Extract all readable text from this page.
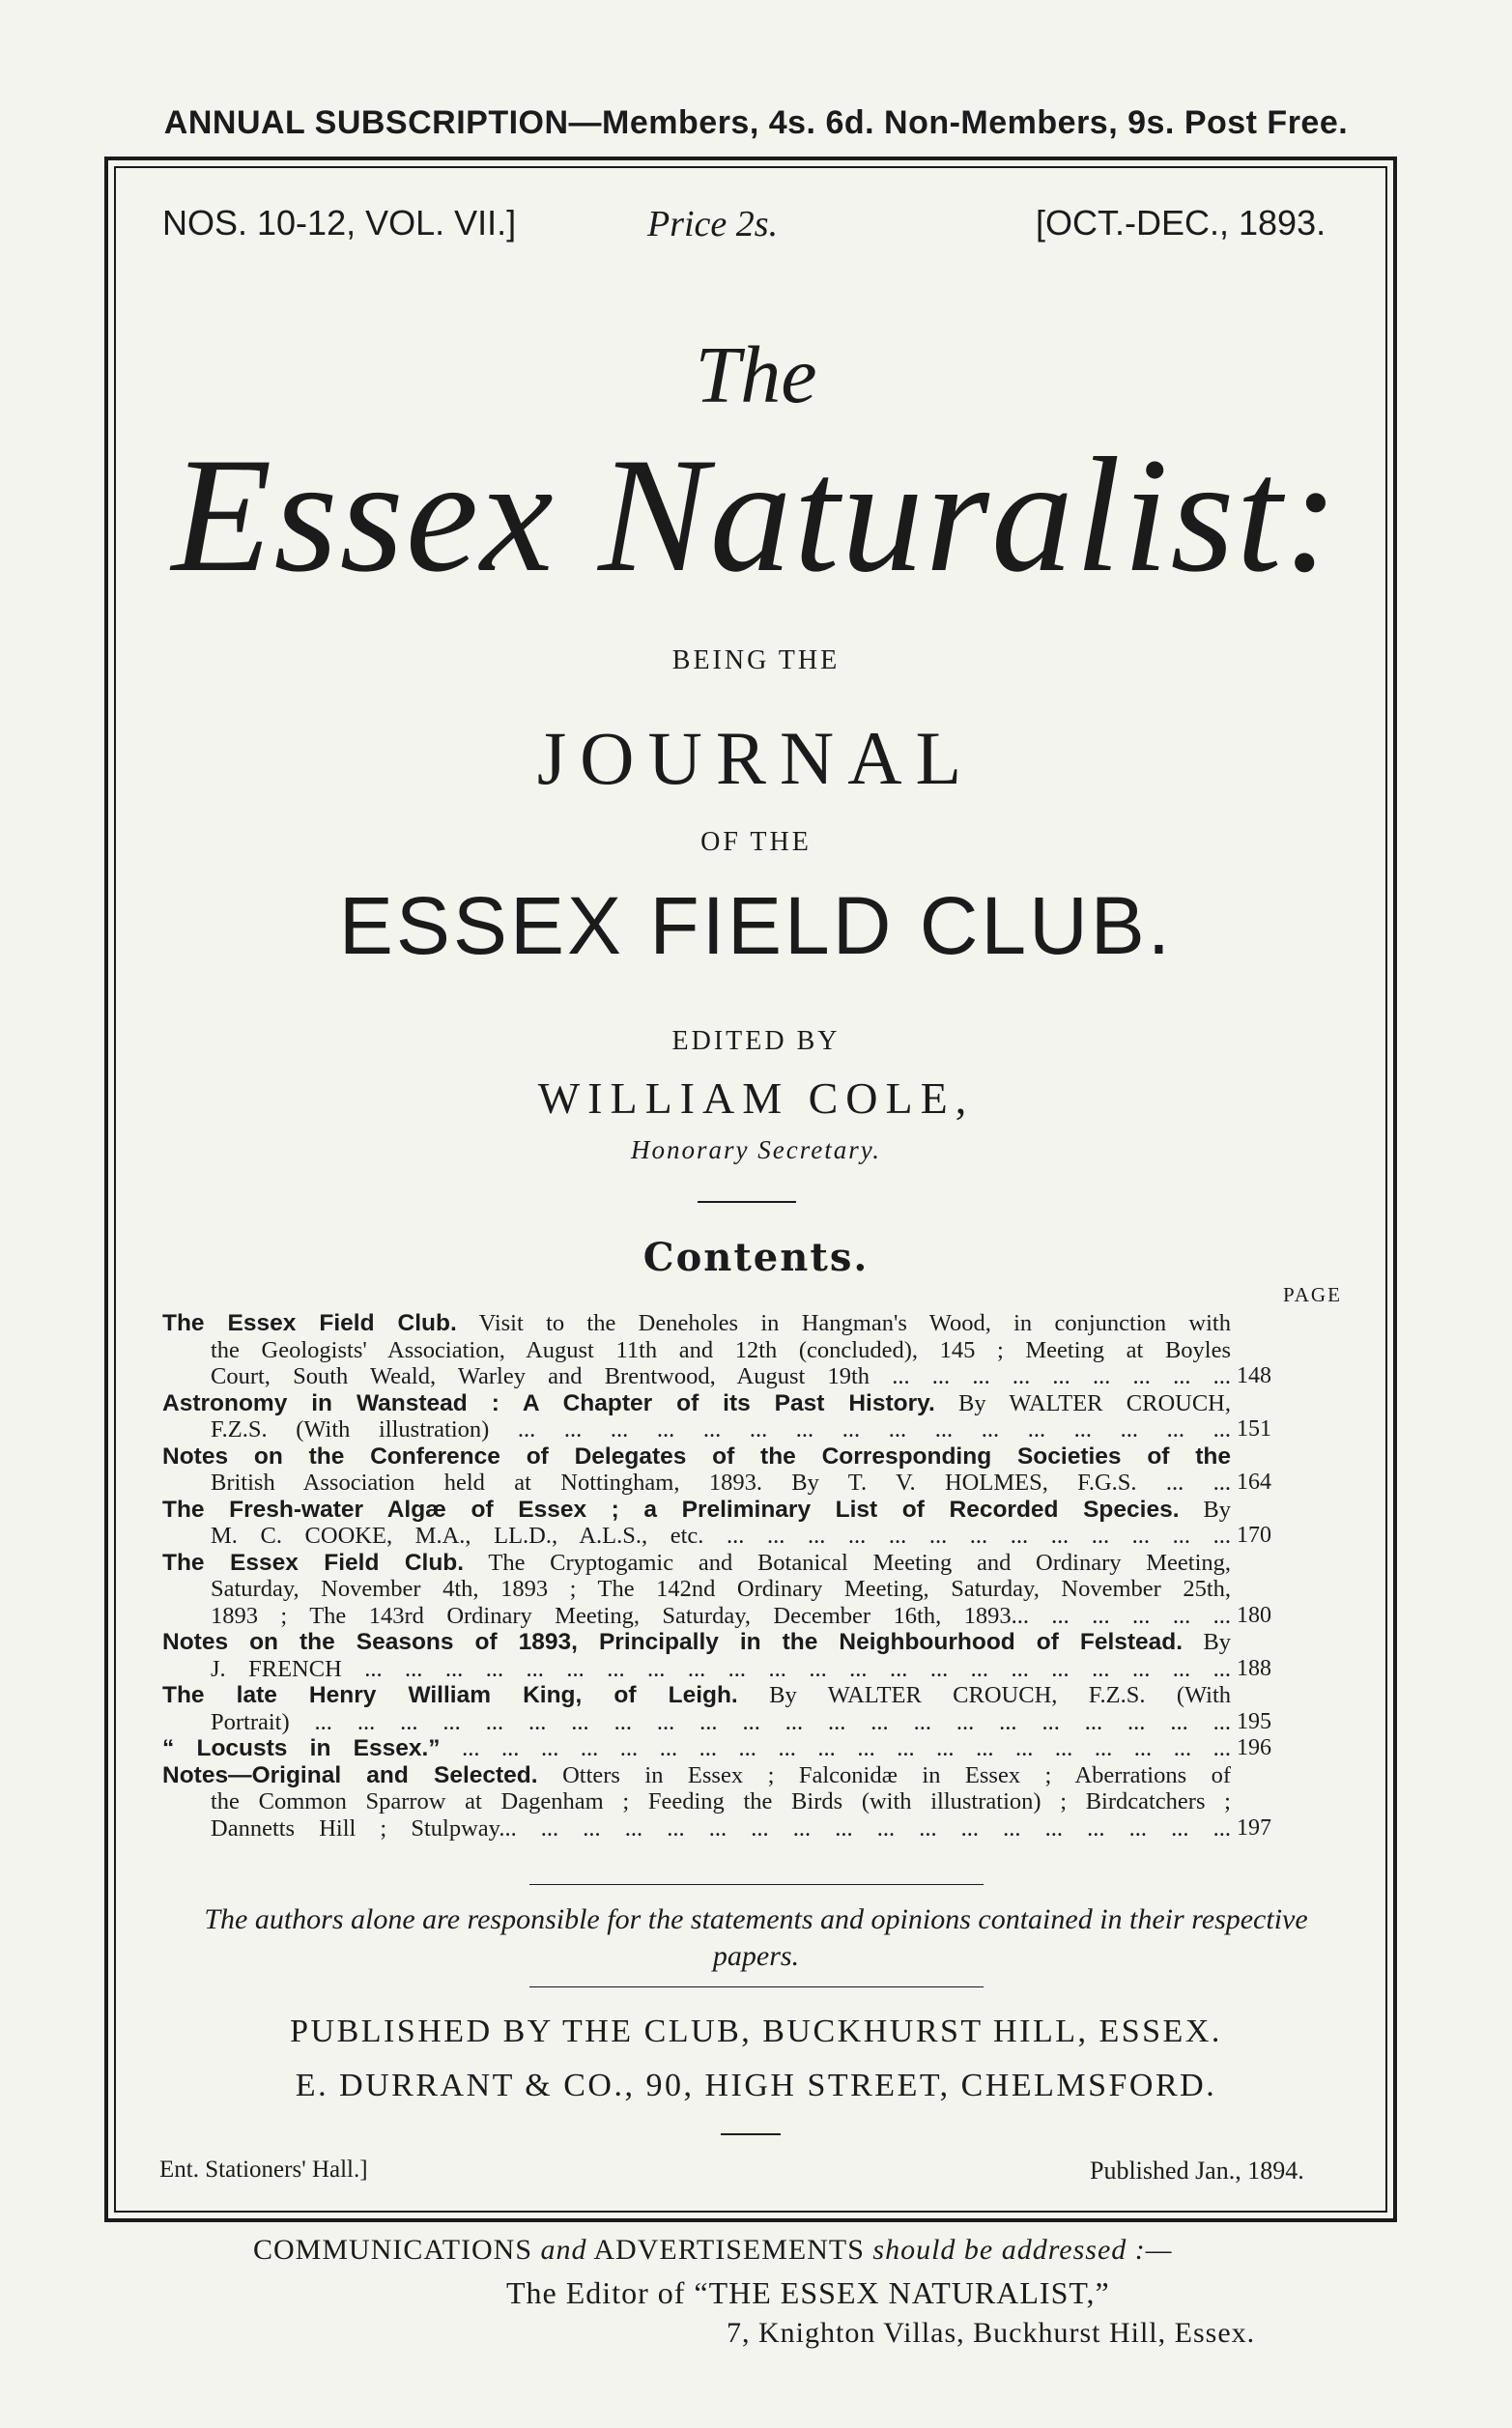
ANNUAL SUBSCRIPTION—Members, 4s. 6d. Non-Members, 9s. Post Free.
NOS. 10-12, VOL. VII.]	Price 2s.	[OCT.-DEC., 1893.
The
Essex Naturalist:
BEING THE
JOURNAL
OF THE
ESSEX FIELD CLUB.
EDITED BY
WILLIAM COLE,
Honorary Secretary.
Contents.
PAGE
The Essex Field Club. Visit to the Deneholes in Hangman's Wood, in conjunction with
the Geologists' Association, August 11th and 12th (concluded), 145 ; Meeting at Boyles
Court, South Weald, Warley and Brentwood, August 19th ... ... ... ... ... ... ... ... ... 148
Astronomy in Wanstead : A Chapter of its Past History. By WALTER CROUCH,
F.Z.S. (With illustration) ... ... ... ... ... ... ... ... ... ... ... ... ... ... ... ... 151
Notes on the Conference of Delegates of the Corresponding Societies of the
British Association held at Nottingham, 1893. By T. V. HOLMES, F.G.S. ... ... 164
The Fresh-water Algæ of Essex ; a Preliminary List of Recorded Species. By
M. C. COOKE, M.A., LL.D., A.L.S., etc. ... ... ... ... ... ... ... ... ... ... ... ... ... 170
The Essex Field Club. The Cryptogamic and Botanical Meeting and Ordinary Meeting,
Saturday, November 4th, 1893 ; The 142nd Ordinary Meeting, Saturday, November 25th,
1893 ; The 143rd Ordinary Meeting, Saturday, December 16th, 1893... ... ... ... ... ... 180
Notes on the Seasons of 1893, Principally in the Neighbourhood of Felstead. By
J. FRENCH ... ... ... ... ... ... ... ... ... ... ... ... ... ... ... ... ... ... ... ... ... ... 188
The late Henry William King, of Leigh. By WALTER CROUCH, F.Z.S. (With
Portrait) ... ... ... ... ... ... ... ... ... ... ... ... ... ... ... ... ... ... ... ... ... ... 195
“ Locusts in Essex.” ... ... ... ... ... ... ... ... ... ... ... ... ... ... ... ... ... ... ... ... 196
Notes—Original and Selected. Otters in Essex ; Falconidæ in Essex ; Aberrations of
the Common Sparrow at Dagenham ; Feeding the Birds (with illustration) ; Birdcatchers ;
Dannetts Hill ; Stulpway... ... ... ... ... ... ... ... ... ... ... ... ... ... ... ... ... ... 197
The authors alone are responsible for the statements and opinions contained in their respective papers.
PUBLISHED BY THE CLUB, BUCKHURST HILL, ESSEX.
E. DURRANT & CO., 90, HIGH STREET, CHELMSFORD.
Ent. Stationers' Hall.]	Published Jan., 1894.
COMMUNICATIONS and ADVERTISEMENTS should be addressed :—
The Editor of “THE ESSEX NATURALIST,”
7, Knighton Villas, Buckhurst Hill, Essex.
